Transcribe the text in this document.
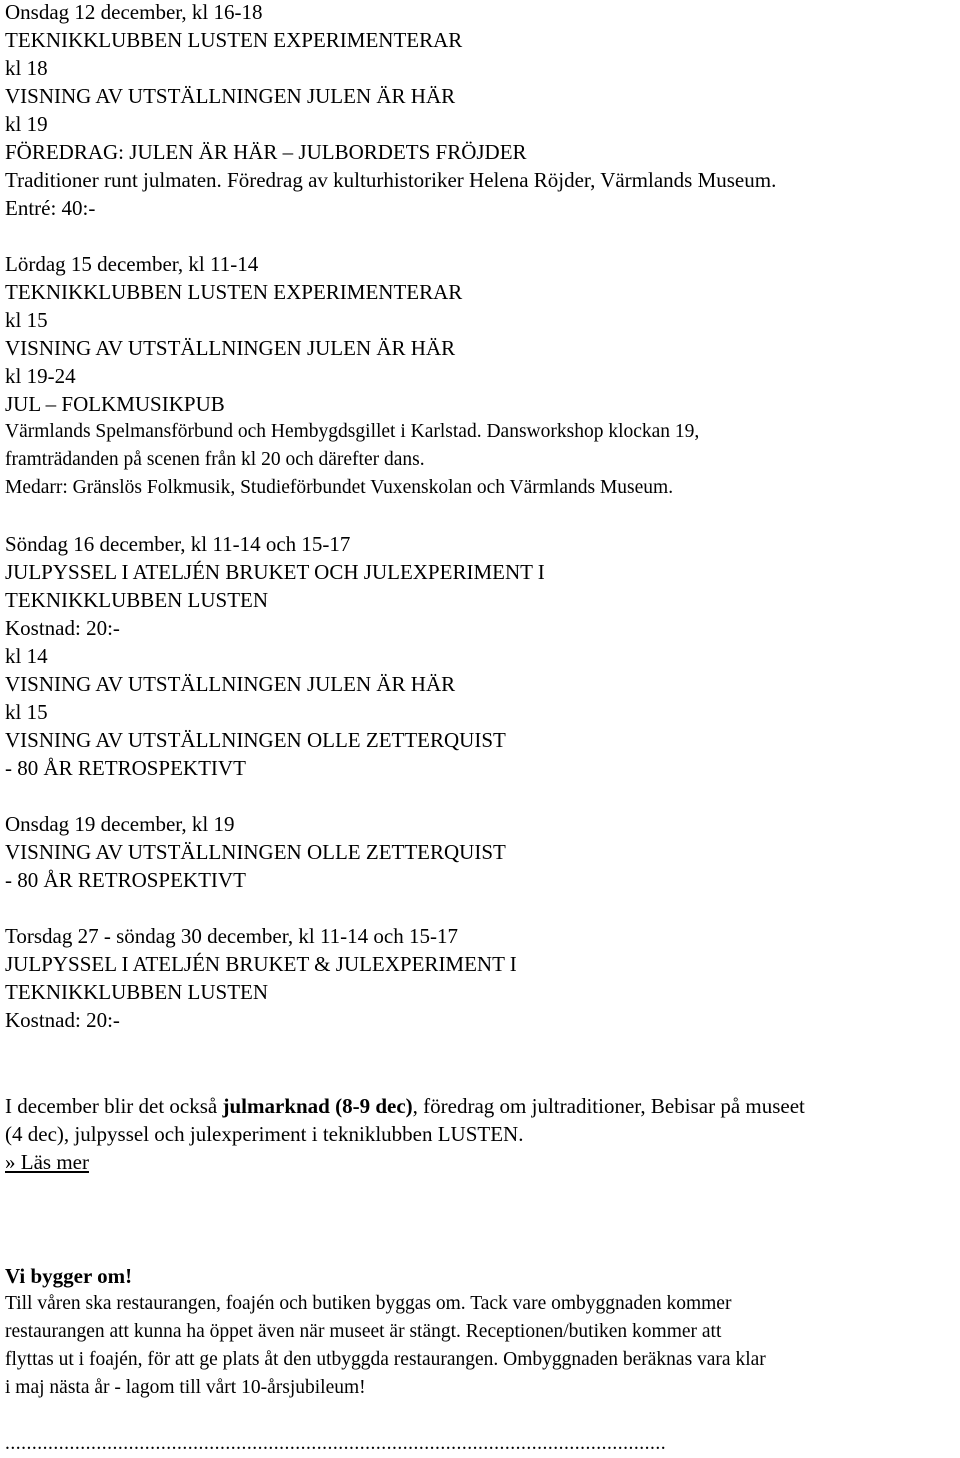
Onsdag 12 december, kl 16-18
TEKNIKKLUBBEN LUSTEN EXPERIMENTERAR
kl 18
VISNING AV UTSTÄLLNINGEN JULEN ÄR HÄR
kl 19
FÖREDRAG: JULEN ÄR HÄR – JULBORDETS FRÖJDER
Traditioner runt julmaten. Föredrag av kulturhistoriker Helena Röjder, Värmlands Museum.
Entré: 40:-
Lördag 15 december, kl 11-14
TEKNIKKLUBBEN LUSTEN EXPERIMENTERAR
kl 15
VISNING AV UTSTÄLLNINGEN JULEN ÄR HÄR
kl 19-24
JUL – FOLKMUSIKPUB
Värmlands Spelmansförbund och Hembygdsgillet i Karlstad. Dansworkshop klockan 19,
framträdanden på scenen från kl 20 och därefter dans.
Medarr: Gränslös Folkmusik, Studieförbundet Vuxenskolan och Värmlands Museum.
Söndag 16 december, kl 11-14 och 15-17
JULPYSSEL I ATELJÉN BRUKET OCH JULEXPERIMENT I
TEKNIKKLUBBEN LUSTEN
Kostnad: 20:-
kl 14
VISNING AV UTSTÄLLNINGEN JULEN ÄR HÄR
kl 15
VISNING AV UTSTÄLLNINGEN OLLE ZETTERQUIST
- 80 ÅR RETROSPEKTIVT
Onsdag 19 december, kl 19
VISNING AV UTSTÄLLNINGEN OLLE ZETTERQUIST
- 80 ÅR RETROSPEKTIVT
Torsdag 27 - söndag 30 december, kl 11-14 och 15-17
JULPYSSEL I ATELJÉN BRUKET & JULEXPERIMENT I
TEKNIKKLUBBEN LUSTEN
Kostnad: 20:-
I december blir det också julmarknad (8-9 dec), föredrag om jultraditioner, Bebisar på museet
(4 dec), julpyssel och julexperiment i tekniklubben LUSTEN.
» Läs mer
Vi bygger om!
Till våren ska restaurangen, foajén och butiken byggas om. Tack vare ombyggnaden kommer
restaurangen att kunna ha öppet även när museet är stängt. Receptionen/butiken kommer att
flyttas ut i foajén, för att ge plats åt den utbyggda restaurangen. Ombyggnaden beräknas vara klar
i maj nästa år - lagom till vårt 10-årsjubileum!
...........................................................................................................................
